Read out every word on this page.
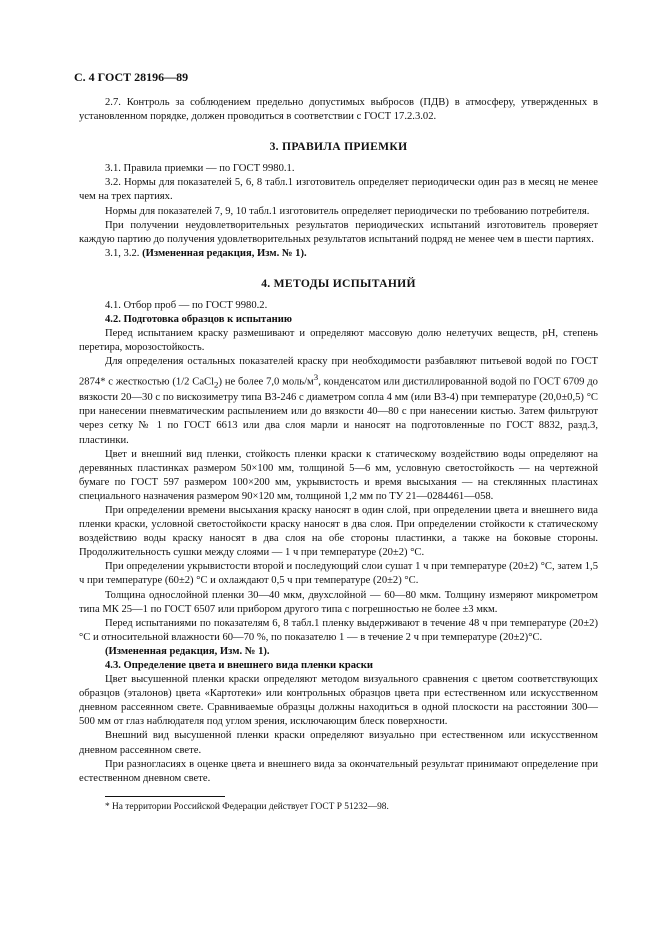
С. 4 ГОСТ 28196—89

2.7. Контроль за соблюдением предельно допустимых выбросов (ПДВ) в атмосферу, утвержденных в установленном порядке, должен проводиться в соответствии с ГОСТ 17.2.3.02.

3. ПРАВИЛА ПРИЕМКИ

3.1. Правила приемки — по ГОСТ 9980.1.

3.2. Нормы для показателей 5, 6, 8 табл.1 изготовитель определяет периодически один раз в месяц не менее чем на трех партиях.

Нормы для показателей 7, 9, 10 табл.1 изготовитель определяет периодически по требованию потребителя.

При получении неудовлетворительных результатов периодических испытаний изготовитель проверяет каждую партию до получения удовлетворительных результатов испытаний подряд не менее чем в шести партиях.

3.1, 3.2. (Измененная редакция, Изм. № 1).

4. МЕТОДЫ ИСПЫТАНИЙ

4.1. Отбор проб — по ГОСТ 9980.2.

4.2. Подготовка образцов к испытанию

Перед испытанием краску размешивают и определяют массовую долю нелетучих веществ, pH, степень перетира, морозостойкость.

Для определения остальных показателей краску при необходимости разбавляют питьевой водой по ГОСТ 2874* с жесткостью (1/2 CaCl$_2$) не более 7,0 моль/$м^3$, конденсатом или дистиллированной водой по ГОСТ 6709 до вязкости 20—30 с по вискозиметру типа ВЗ-246 с диаметром сопла 4 мм (или ВЗ-4) при температуре (20,0±0,5) °С при нанесении пневматическим распылением или до вязкости 40—80 с при нанесении кистью. Затем фильтруют через сетку № 1 по ГОСТ 6613 или два слоя марли и наносят на подготовленные по ГОСТ 8832, разд.3, пластинки.

Цвет и внешний вид пленки, стойкость пленки краски к статическому воздействию воды определяют на деревянных пластинках размером 50×100 мм, толщиной 5—6 мм, условную светостойкость — на чертежной бумаге по ГОСТ 597 размером 100×200 мм, укрывистость и время высыхания — на стеклянных пластинах специального назначения размером 90×120 мм, толщиной 1,2 мм по ТУ 21—0284461—058.

При определении времени высыхания краску наносят в один слой, при определении цвета и внешнего вида пленки краски, условной светостойкости краску наносят в два слоя. При определении стойкости к статическому воздействию воды краску наносят в два слоя на обе стороны пластинки, а также на боковые стороны. Продолжительность сушки между слоями — 1 ч при температуре (20±2) °С.

При определении укрывистости второй и последующий слои сушат 1 ч при температуре (20±2) °С, затем 1,5 ч при температуре (60±2) °С и охлаждают 0,5 ч при температуре (20±2) °С.

Толщина однослойной пленки 30—40 мкм, двухслойной — 60—80 мкм. Толщину измеряют микрометром типа МК 25—1 по ГОСТ 6507 или прибором другого типа с погрешностью не более ±3 мкм.

Перед испытаниями по показателям 6, 8 табл.1 пленку выдерживают в течение 48 ч при температуре (20±2) °С и относительной влажности 60—70 %, по показателю 1 — в течение 2 ч при температуре (20±2)°С.

(Измененная редакция, Изм. № 1).

4.3. Определение цвета и внешнего вида пленки краски

Цвет высушенной пленки краски определяют методом визуального сравнения с цветом соответствующих образцов (эталонов) цвета «Картотеки» или контрольных образцов цвета при естественном или искусственном дневном рассеянном свете. Сравниваемые образцы должны находиться в одной плоскости на расстоянии 300—500 мм от глаз наблюдателя под углом зрения, исключающим блеск поверхности.

Внешний вид высушенной пленки краски определяют визуально при естественном или искусственном дневном рассеянном свете.

При разногласиях в оценке цвета и внешнего вида за окончательный результат принимают определение при естественном дневном свете.

* На территории Российской Федерации действует ГОСТ Р 51232—98.
